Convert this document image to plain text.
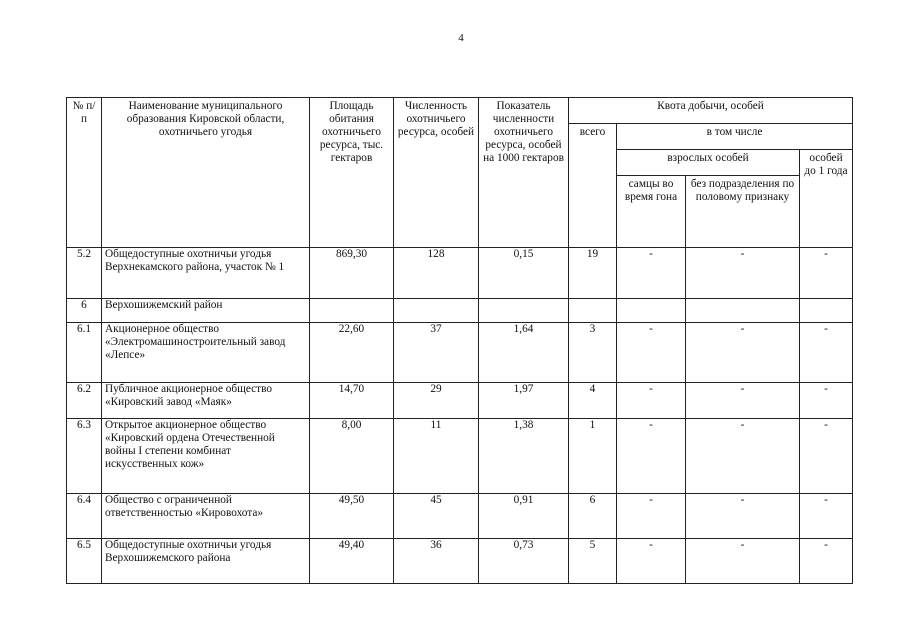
4
№ п/п	Наименование муниципального образования Кировской области, охотничьего угодья	Площадь обитания охотничьего ресурса, тыс. гектаров	Численность охотничьего ресурса, особей	Показатель численности охотничьего ресурса, особей на 1000 гектаров	Квота добычи, особей			
					всего	в том числе		
						взрослых особей		особей до 1 года
						самцы во время гона	без подразделения по половому признаку	
5.2	Общедоступные охотничьи угодья Верхнекамского района, участок № 1	869,30	128	0,15	19	-	-	-
6	Верхошижемский район							
6.1	Акционерное общество «Электромашиностроительный завод «Лепсе»	22,60	37	1,64	3	-	-	-
6.2	Публичное акционерное общество «Кировский завод «Маяк»	14,70	29	1,97	4	-	-	-
6.3	Открытое акционерное общество «Кировский ордена Отечественной войны I степени комбинат искусственных кож»	8,00	11	1,38	1	-	-	-
6.4	Общество с ограниченной ответственностью «Кировохота»	49,50	45	0,91	6	-	-	-
6.5	Общедоступные охотничьи угодья Верхошижемского района	49,40	36	0,73	5	-	-	-
